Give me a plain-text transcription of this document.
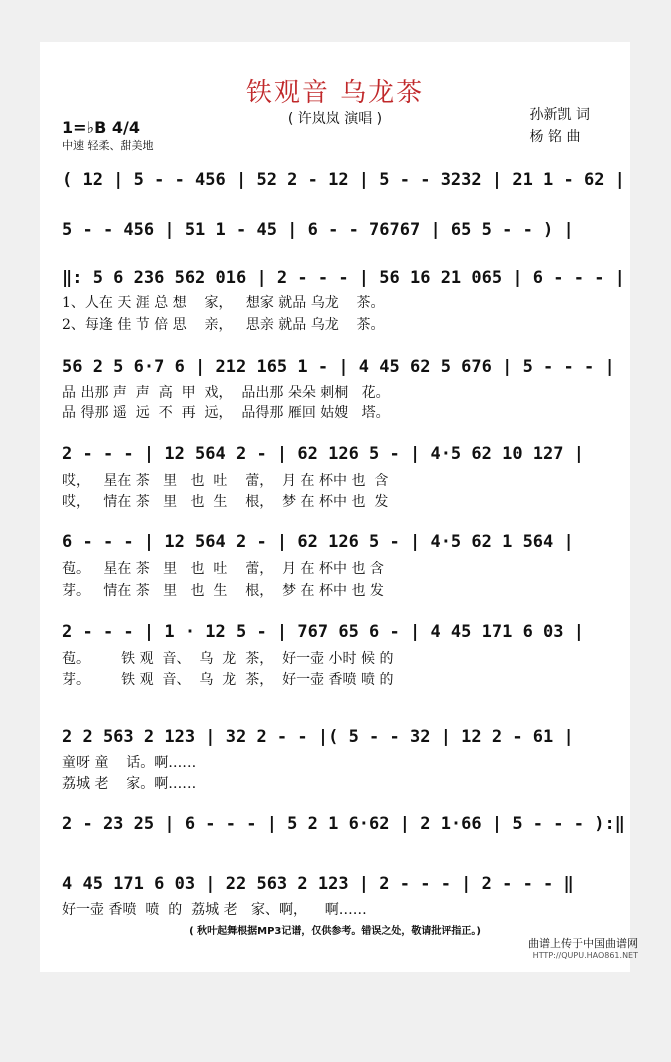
铁观音 乌龙茶
( 许岚岚 演唱 )
1=♭B 4/4
中速 轻柔、甜美地
孙新凯 词
杨 铭 曲
( 12 | 5 - - 456 | 52 2 - 12 | 5 - - 3232 | 21 1 - 62 |
5 - - 456 | 51 1 - 45 | 6 - - 76767 | 65 5 - - ) |
‖: 5 6 236 562 016 | 2 - - - | 56 16 21 065 | 6 - - - |
1、人在 天 涯 总 想    家，   想家 就品 乌龙    茶。
2、每逢 佳 节 倍 思    亲，   思亲 就品 乌龙    茶。
56 2 5 6·7 6 | 212 165 1 - | 4 45 62 5 676 | 5 - - - |
品 出那 声  声  高  甲  戏，  品出那 朵朵 刺桐   花。
品 得那 遥  远  不  再  远，  品得那 雁回 姑嫂   塔。
2 - - - | 12 564 2 - | 62 126 5 - | 4·5 62 10 127 |
哎，   星在 茶   里   也  吐    蕾，  月 在 杯中 也  含
哎，   情在 茶   里   也  生    根，  梦 在 杯中 也  发
6 - - - | 12 564 2 - | 62 126 5 - | 4·5 62 1 564 |
苞。   星在 茶   里   也  吐    蕾，  月 在 杯中 也 含
芽。   情在 茶   里   也  生    根，  梦 在 杯中 也 发
2 - - - | 1 · 12 5 - | 767 65 6 - | 4 45 171 6 03 |
苞。       铁 观  音、  乌  龙  茶，  好一壶 小时 候 的
芽。       铁 观  音、  乌  龙  茶，  好一壶 香喷 喷 的
2 2 563 2 123 | 32 2 - - |( 5 - - 32 | 12 2 - 61 |
童呀 童    话。啊……
荔城 老    家。啊……
2 - 23 25 | 6 - - - | 5 2 1 6·62 | 2 1·66 | 5 - - - ):‖
4 45 171 6 03 | 22 563 2 123 | 2 - - - | 2 - - - ‖
好一壶 香喷  喷  的  荔城 老   家、啊，    啊……
( 秋叶起舞根据MP3记谱，仅供参考。错误之处，敬请批评指正。)
曲谱上传于中国曲谱网
HTTP://QUPU.HAO861.NET
